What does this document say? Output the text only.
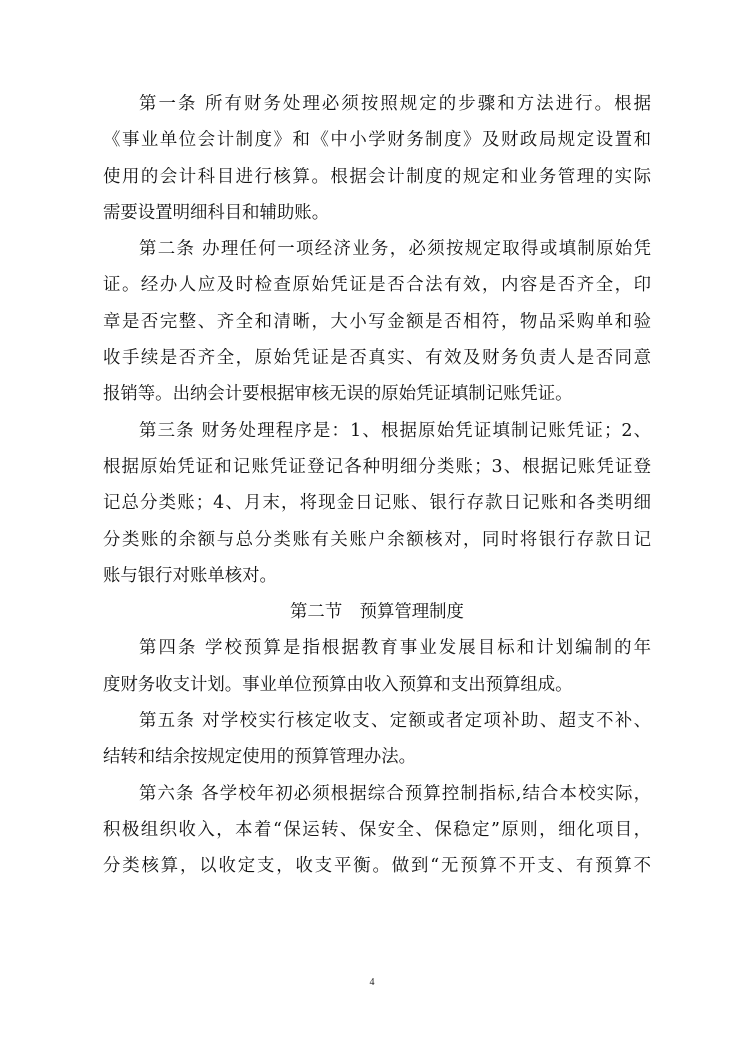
第一条 所有财务处理必须按照规定的步骤和方法进行。根据
《事业单位会计制度》和《中小学财务制度》及财政局规定设置和
使用的会计科目进行核算。根据会计制度的规定和业务管理的实际
需要设置明细科目和辅助账。
第二条 办理任何一项经济业务，必须按规定取得或填制原始凭
证。经办人应及时检查原始凭证是否合法有效，内容是否齐全，印
章是否完整、齐全和清晰，大小写金额是否相符，物品采购单和验
收手续是否齐全，原始凭证是否真实、有效及财务负责人是否同意
报销等。出纳会计要根据审核无误的原始凭证填制记账凭证。
第三条 财务处理程序是：1、根据原始凭证填制记账凭证；2、
根据原始凭证和记账凭证登记各种明细分类账；3、根据记账凭证登
记总分类账；4、月末，将现金日记账、银行存款日记账和各类明细
分类账的余额与总分类账有关账户余额核对，同时将银行存款日记
账与银行对账单核对。
第二节　预算管理制度
第四条 学校预算是指根据教育事业发展目标和计划编制的年
度财务收支计划。事业单位预算由收入预算和支出预算组成。
第五条 对学校实行核定收支、定额或者定项补助、超支不补、
结转和结余按规定使用的预算管理办法。
第六条 各学校年初必须根据综合预算控制指标,结合本校实际，
积极组织收入，本着“保运转、保安全、保稳定”原则，细化项目，
分类核算，以收定支，收支平衡。做到“无预算不开支、有预算不
4
